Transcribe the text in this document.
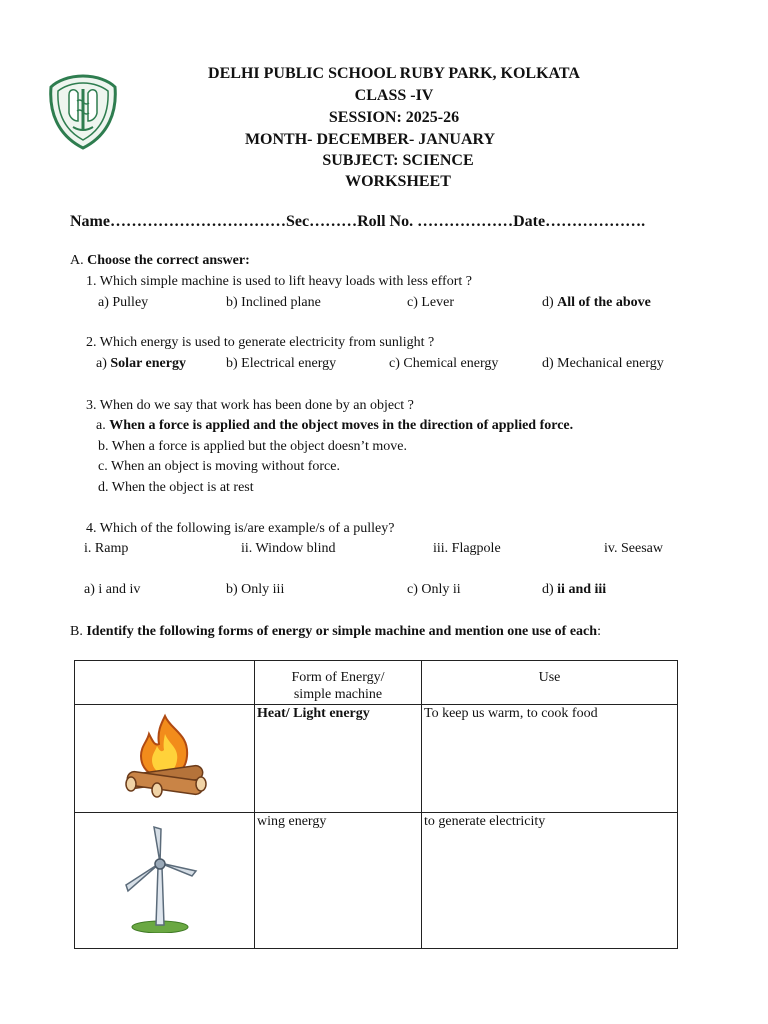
DELHI PUBLIC SCHOOL RUBY PARK, KOLKATA
CLASS -IV
SESSION: 2025-26
MONTH- DECEMBER- JANUARY
SUBJECT: SCIENCE
WORKSHEET
Name……………………………Sec………Roll No. ………………Date……………….
A. Choose the correct answer:
1. Which simple machine is used to lift heavy loads with less effort ?
a) Pulley	b) Inclined plane	c) Lever	d) All of the above
2. Which energy is used to generate electricity from sunlight ?
a) Solar energy	b) Electrical energy	c) Chemical energy	d) Mechanical energy
3. When do we say that work has been done by an object ?
a. When a force is applied and the object moves in the direction of applied force.
b. When a force is applied but the object doesn’t move.
c. When an object is moving without force.
d. When the object is at rest
4. Which of the following is/are example/s of a pulley?
i. Ramp	ii. Window blind	iii. Flagpole	iv. Seesaw
a) i and iv	b) Only iii	c) Only ii	d) ii and iii
B. Identify the following forms of energy or simple machine and mention one use of each:
	Form of Energy/
simple machine	Use
	Heat/ Light energy	To keep us warm, to cook food
	wing energy	to generate electricity
